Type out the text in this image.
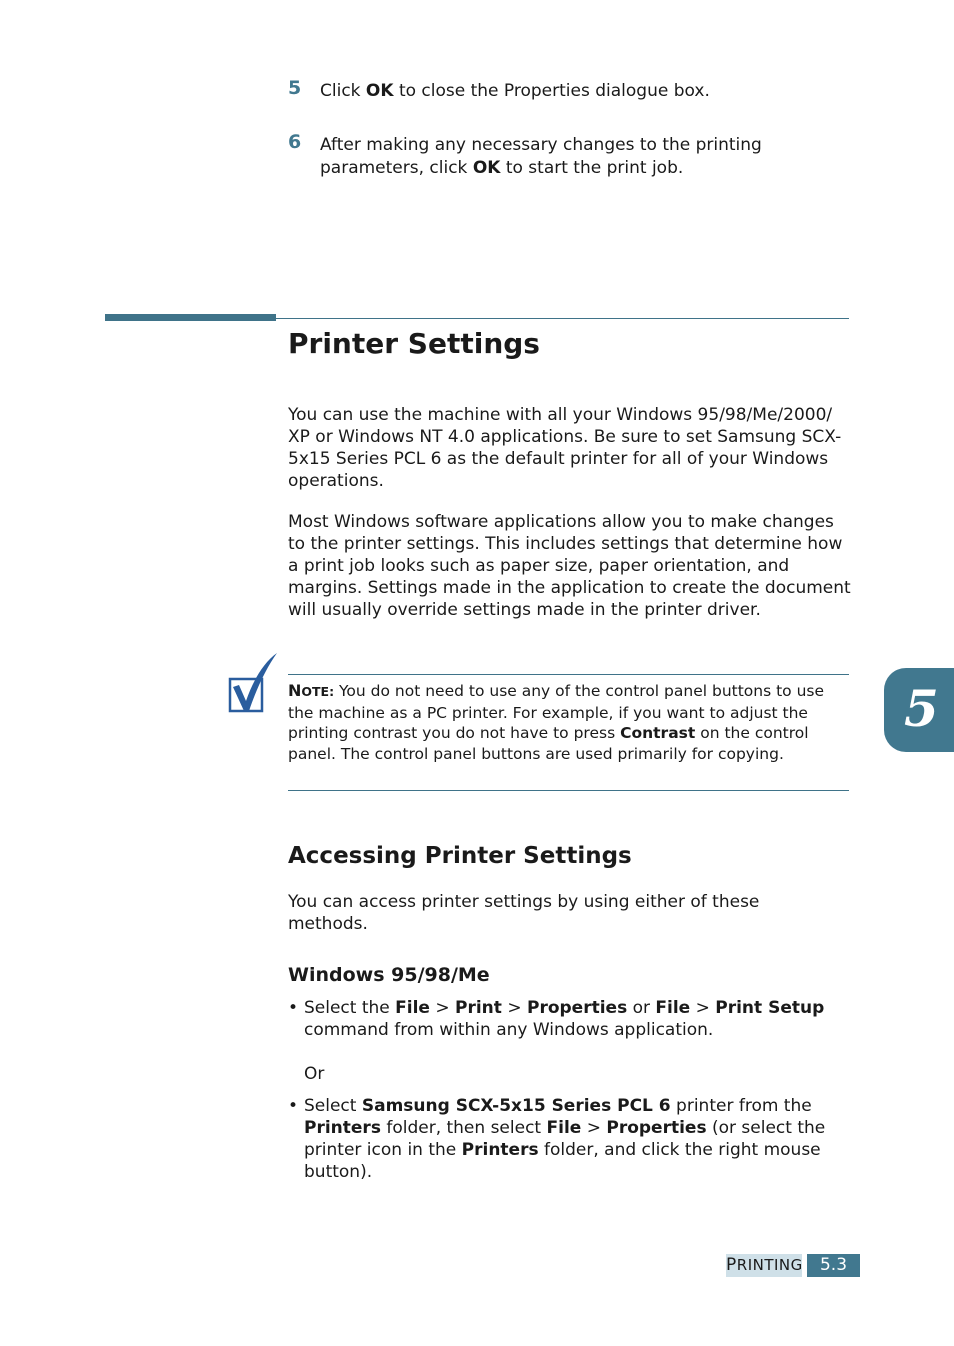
5 Click OK to close the Properties dialogue box.
6 After making any necessary changes to the printing parameters, click OK to start the print job.
Printer Settings
You can use the machine with all your Windows 95/98/Me/2000/ XP or Windows NT 4.0 applications. Be sure to set Samsung SCX-5x15 Series PCL 6 as the default printer for all of your Windows operations.
Most Windows software applications allow you to make changes to the printer settings. This includes settings that determine how a print job looks such as paper size, paper orientation, and margins. Settings made in the application to create the document will usually override settings made in the printer driver.
NOTE: You do not need to use any of the control panel buttons to use the machine as a PC printer. For example, if you want to adjust the printing contrast you do not have to press Contrast on the control panel. The control panel buttons are used primarily for copying.
Accessing Printer Settings
You can access printer settings by using either of these methods.
Windows 95/98/Me
• Select the File > Print > Properties or File > Print Setup command from within any Windows application.
Or
• Select Samsung SCX-5x15 Series PCL 6 printer from the Printers folder, then select File > Properties (or select the printer icon in the Printers folder, and click the right mouse button).
5
PRINTING	5.3
